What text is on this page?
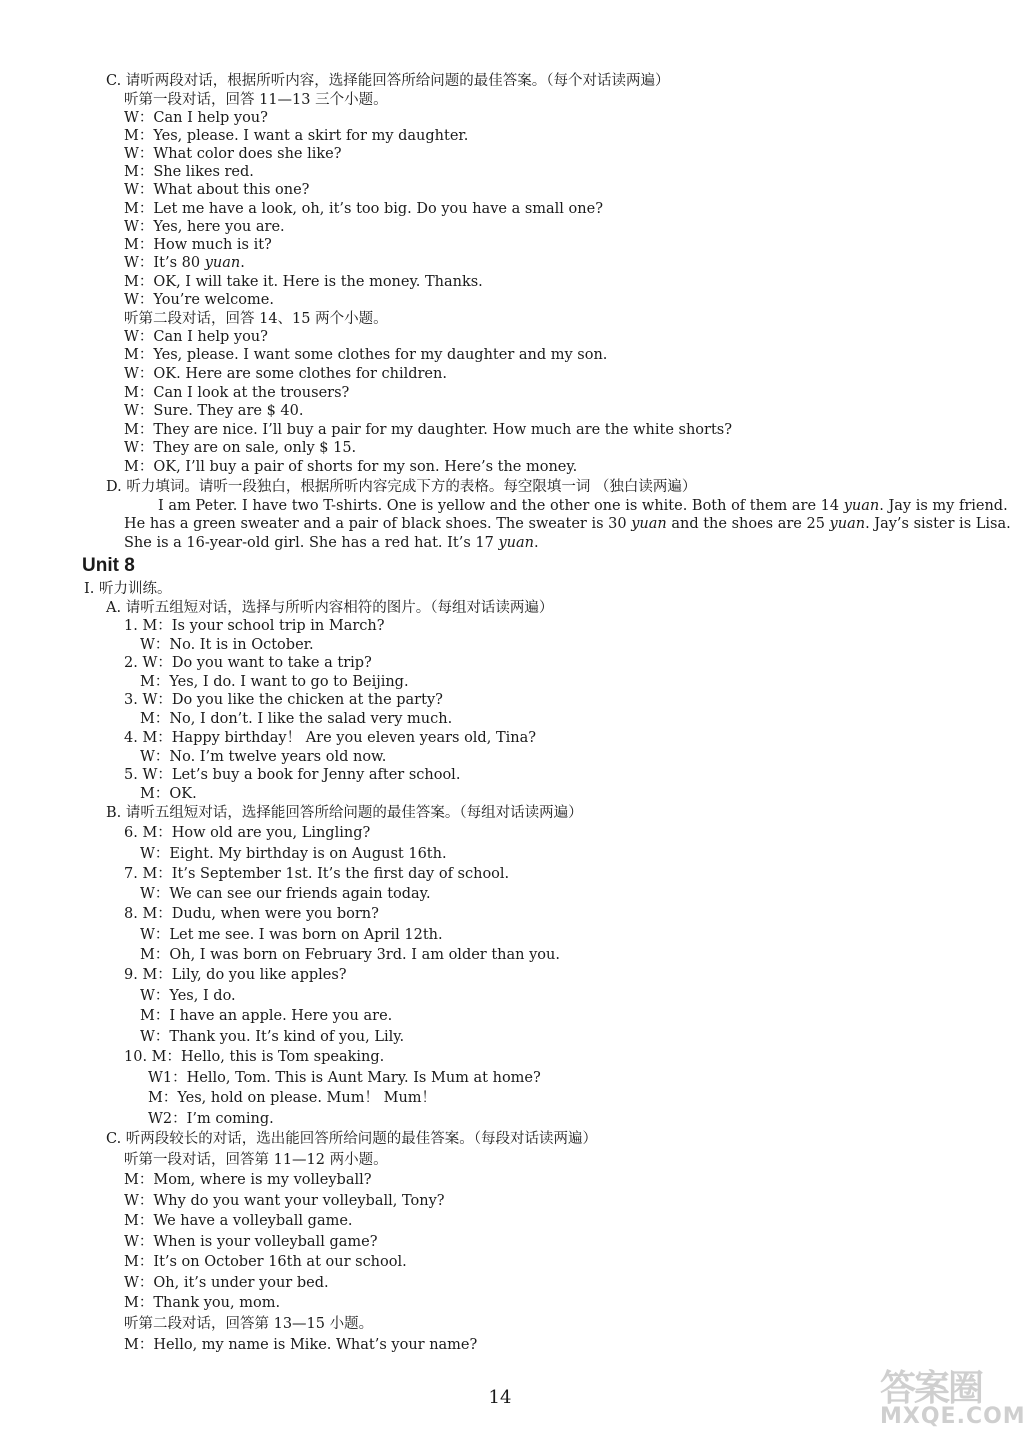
C. 请听两段对话，根据所听内容，选择能回答所给问题的最佳答案。（每个对话读两遍）
听第一段对话，回答 11—13 三个小题。
W：Can I help you?
M：Yes, please. I want a skirt for my daughter.
W：What color does she like?
M：She likes red.
W：What about this one?
M：Let me have a look, oh, it’s too big. Do you have a small one?
W：Yes, here you are.
M：How much is it?
W：It’s 80 yuan.
M：OK, I will take it. Here is the money. Thanks.
W：You’re welcome.
听第二段对话，回答 14、15 两个小题。
W：Can I help you?
M：Yes, please. I want some clothes for my daughter and my son.
W：OK. Here are some clothes for children.
M：Can I look at the trousers?
W：Sure. They are $ 40.
M：They are nice. I’ll buy a pair for my daughter. How much are the white shorts?
W：They are on sale, only $ 15.
M：OK, I’ll buy a pair of shorts for my son. Here’s the money.
D. 听力填词。请听一段独白，根据所听内容完成下方的表格。每空限填一词 （独白读两遍）
I am Peter. I have two T-shirts. One is yellow and the other one is white. Both of them are 14 yuan. Jay is my friend.
He has a green sweater and a pair of black shoes. The sweater is 30 yuan and the shoes are 25 yuan. Jay’s sister is Lisa.
She is a 16-year-old girl. She has a red hat. It’s 17 yuan.
Unit 8
Ⅰ. 听力训练。
A. 请听五组短对话，选择与所听内容相符的图片。（每组对话读两遍）
1. M：Is your school trip in March?
W：No. It is in October.
2. W：Do you want to take a trip?
M：Yes, I do. I want to go to Beijing.
3. W：Do you like the chicken at the party?
M：No, I don’t. I like the salad very much.
4. M：Happy birthday！ Are you eleven years old, Tina?
W：No. I’m twelve years old now.
5. W：Let’s buy a book for Jenny after school.
M：OK.
B. 请听五组短对话，选择能回答所给问题的最佳答案。（每组对话读两遍）
6. M：How old are you, Lingling?
W：Eight. My birthday is on August 16th.
7. M：It’s September 1st. It’s the first day of school.
W：We can see our friends again today.
8. M：Dudu, when were you born?
W：Let me see. I was born on April 12th.
M：Oh, I was born on February 3rd. I am older than you.
9. M：Lily, do you like apples?
W：Yes, I do.
M：I have an apple. Here you are.
W：Thank you. It’s kind of you, Lily.
10. M：Hello, this is Tom speaking.
W1：Hello, Tom. This is Aunt Mary. Is Mum at home?
M：Yes, hold on please. Mum！ Mum！
W2：I’m coming.
C. 听两段较长的对话，选出能回答所给问题的最佳答案。（每段对话读两遍）
听第一段对话，回答第 11—12 两小题。
M：Mom, where is my volleyball?
W：Why do you want your volleyball, Tony?
M：We have a volleyball game.
W：When is your volleyball game?
M：It’s on October 16th at our school.
W：Oh, it’s under your bed.
M：Thank you, mom.
听第二段对话，回答第 13—15 小题。
M：Hello, my name is Mike. What’s your name?
14	答案圈
MXQE.COM
